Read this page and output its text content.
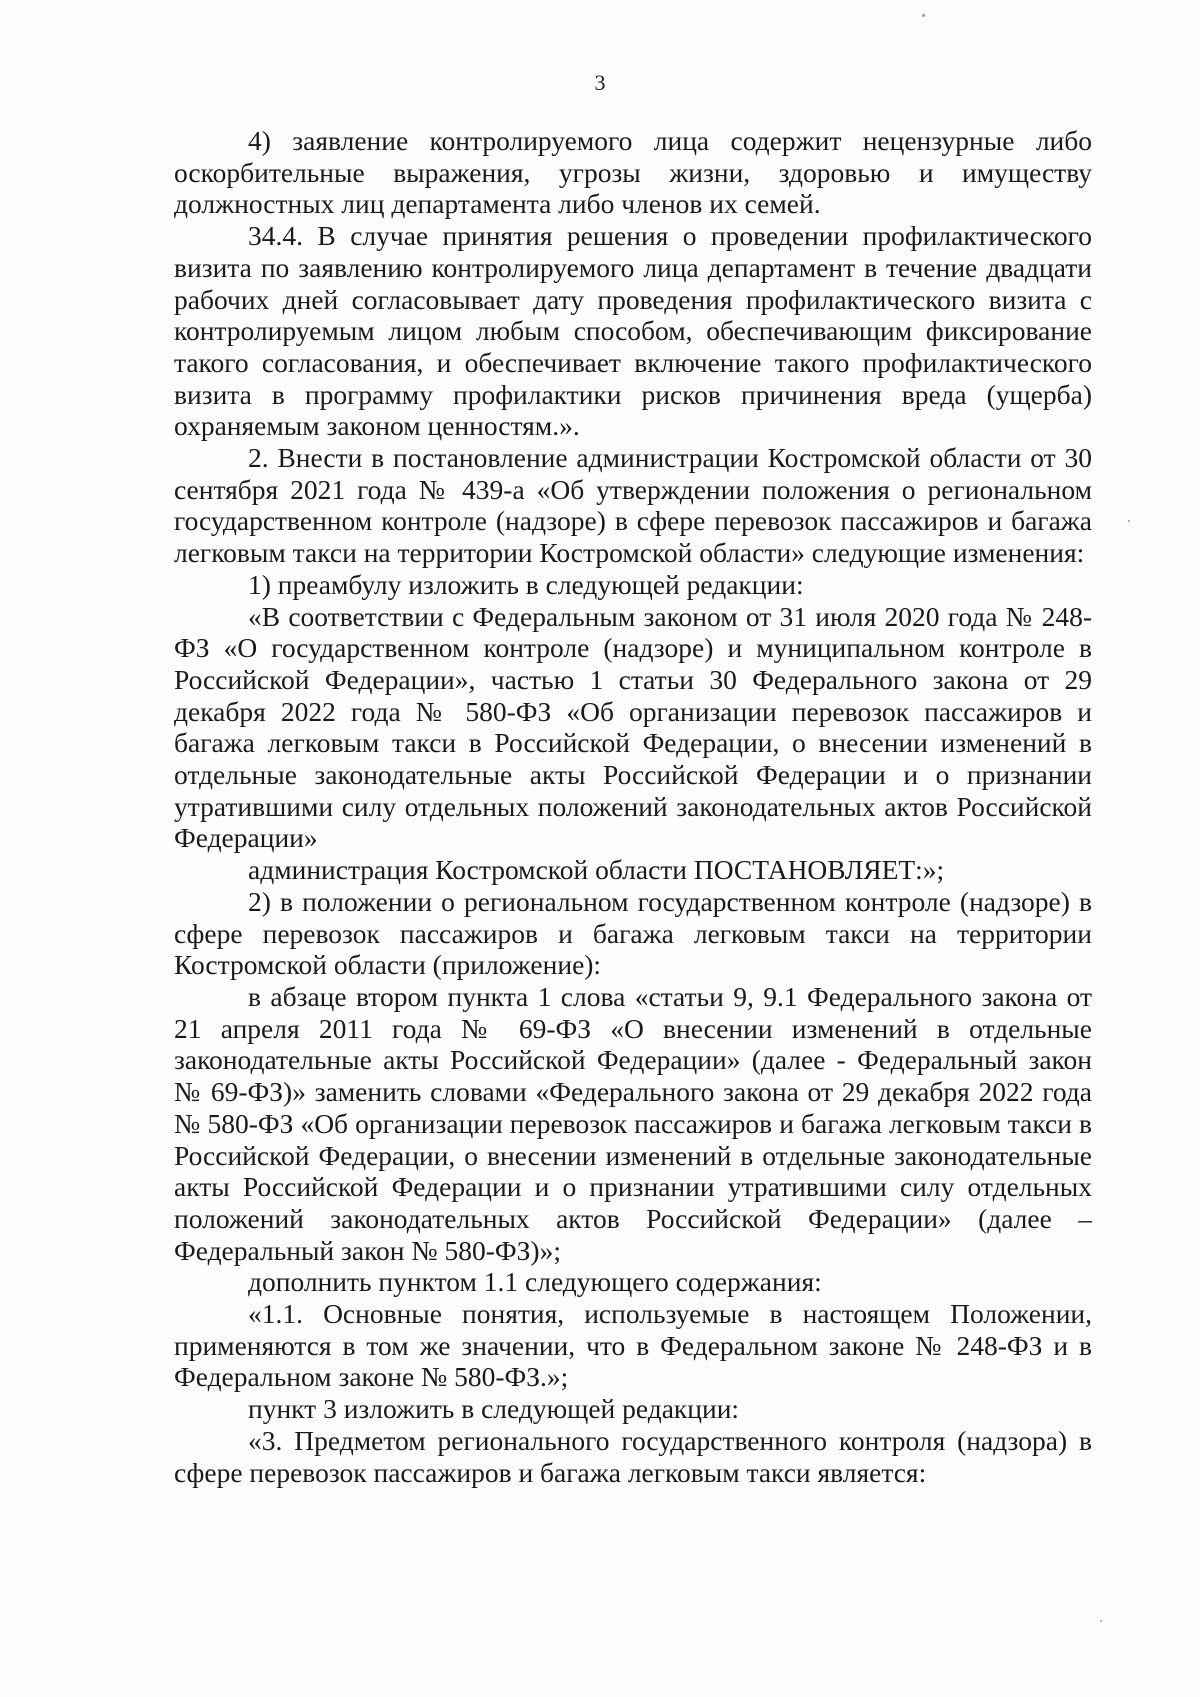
3

4) заявление контролируемого лица содержит нецензурные либо оскорбительные выражения, угрозы жизни, здоровью и имуществу должностных лиц департамента либо членов их семей.

34.4. В случае принятия решения о проведении профилактического визита по заявлению контролируемого лица департамент в течение двадцати рабочих дней согласовывает дату проведения профилактического визита с контролируемым лицом любым способом, обеспечивающим фиксирование такого согласования, и обеспечивает включение такого профилактического визита в программу профилактики рисков причинения вреда (ущерба) охраняемым законом ценностям.».

2. Внести в постановление администрации Костромской области от 30 сентября 2021 года № 439-а «Об утверждении положения о региональном государственном контроле (надзоре) в сфере перевозок пассажиров и багажа легковым такси на территории Костромской области» следующие изменения:

1) преамбулу изложить в следующей редакции:

«В соответствии с Федеральным законом от 31 июля 2020 года № 248-ФЗ «О государственном контроле (надзоре) и муниципальном контроле в Российской Федерации», частью 1 статьи 30 Федерального закона от 29 декабря 2022 года № 580-ФЗ «Об организации перевозок пассажиров и багажа легковым такси в Российской Федерации, о внесении изменений в отдельные законодательные акты Российской Федерации и о признании утратившими силу отдельных положений законодательных актов Российской Федерации»

администрация Костромской области ПОСТАНОВЛЯЕТ:»;

2) в положении о региональном государственном контроле (надзоре) в сфере перевозок пассажиров и багажа легковым такси на территории Костромской области (приложение):

в абзаце втором пункта 1 слова «статьи 9, 9.1 Федерального закона от 21 апреля 2011 года № 69-ФЗ «О внесении изменений в отдельные законодательные акты Российской Федерации» (далее - Федеральный закон № 69-ФЗ)» заменить словами «Федерального закона от 29 декабря 2022 года № 580-ФЗ «Об организации перевозок пассажиров и багажа легковым такси в Российской Федерации, о внесении изменений в отдельные законодательные акты Российской Федерации и о признании утратившими силу отдельных положений законодательных актов Российской Федерации» (далее – Федеральный закон № 580-ФЗ)»;

дополнить пунктом 1.1 следующего содержания:

«1.1. Основные понятия, используемые в настоящем Положении, применяются в том же значении, что в Федеральном законе № 248-ФЗ и в Федеральном законе № 580-ФЗ.»;

пункт 3 изложить в следующей редакции:

«3. Предметом регионального государственного контроля (надзора) в сфере перевозок пассажиров и багажа легковым такси является:
